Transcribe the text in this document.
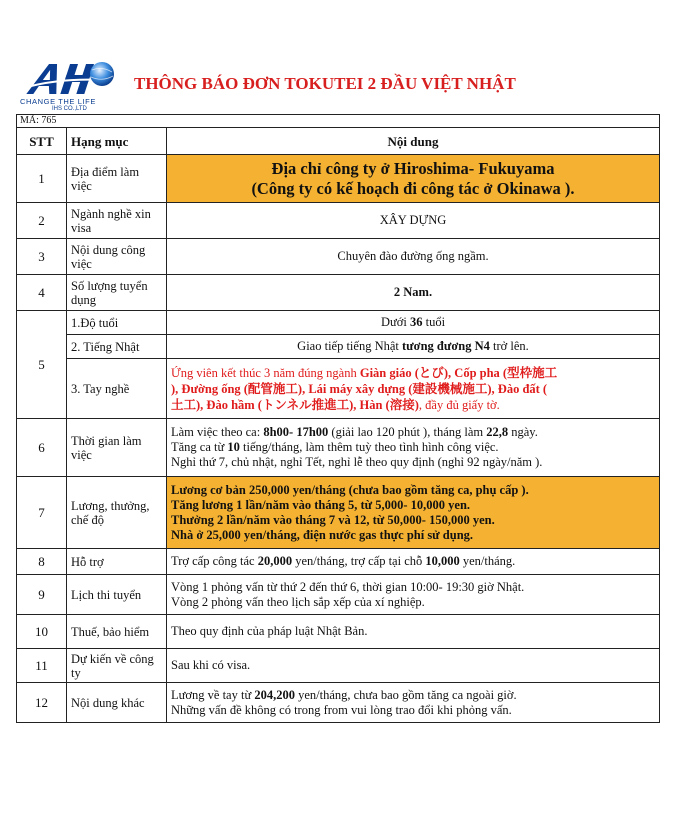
CHANGE THE LIFE
IHS CO.,LTD
THÔNG BÁO ĐƠN TOKUTEI 2 ĐẦU VIỆT NHẬT
MÃ: 765		
STT	Hạng mục	Nội dung
1	Địa điểm làm việc	Địa chỉ công ty ở Hiroshima- Fukuyama
(Công ty có kế hoạch đi công tác ở Okinawa ).

2	Ngành nghề xin visa	XÂY DỰNG
3	Nội dung công việc	Chuyên đào đường ống ngầm.
4	Số lượng tuyển dụng	2 Nam.
5	1.Độ tuổi	Dưới 36 tuổi
	2. Tiếng Nhật	Giao tiếp tiếng Nhật tương đương N4 trở lên.
	3. Tay nghề	Ứng viên kết thúc 3 năm đúng ngành Giàn giáo (とび), Cốp pha (型枠施工
), Đường ống (配管施工), Lái máy xây dựng (建設機械施工), Đào đất (
土工), Đào hầm (トンネル推進工), Hàn (溶接), đầy đủ giấy tờ.

6	Thời gian làm việc	Làm việc theo ca: 8h00- 17h00 (giải lao 120 phút ), tháng làm 22,8 ngày.
Tăng ca từ 10 tiếng/tháng, làm thêm tuỳ theo tình hình công việc.
Nghỉ thứ 7, chủ nhật, nghỉ Tết, nghỉ lễ theo quy định (nghỉ 92 ngày/năm ).

7	Lương, thưởng, chế độ	Lương cơ bản 250,000 yen/tháng (chưa bao gồm tăng ca, phụ cấp ).
Tăng lương 1 lần/năm vào tháng 5, từ 5,000- 10,000 yen.
Thưởng 2 lần/năm vào tháng 7 và 12, từ 50,000- 150,000 yen.
Nhà ở 25,000 yen/tháng, điện nước gas thực phí sử dụng.

8	Hỗ trợ	Trợ cấp công tác 20,000 yen/tháng, trợ cấp tại chỗ 10,000 yen/tháng.
9	Lịch thi tuyển	Vòng 1 phỏng vấn từ thứ 2 đến thứ 6, thời gian 10:00- 19:30 giờ Nhật.
Vòng 2 phỏng vấn theo lịch sắp xếp của xí nghiệp.

10	Thuế, bảo hiểm	Theo quy định của pháp luật Nhật Bản.
11	Dự kiến về công ty	Sau khi có visa.
12	Nội dung khác	Lương về tay từ 204,200 yen/tháng, chưa bao gồm tăng ca ngoài giờ.
Những vấn đề không có trong from vui lòng trao đổi khi phỏng vấn.
